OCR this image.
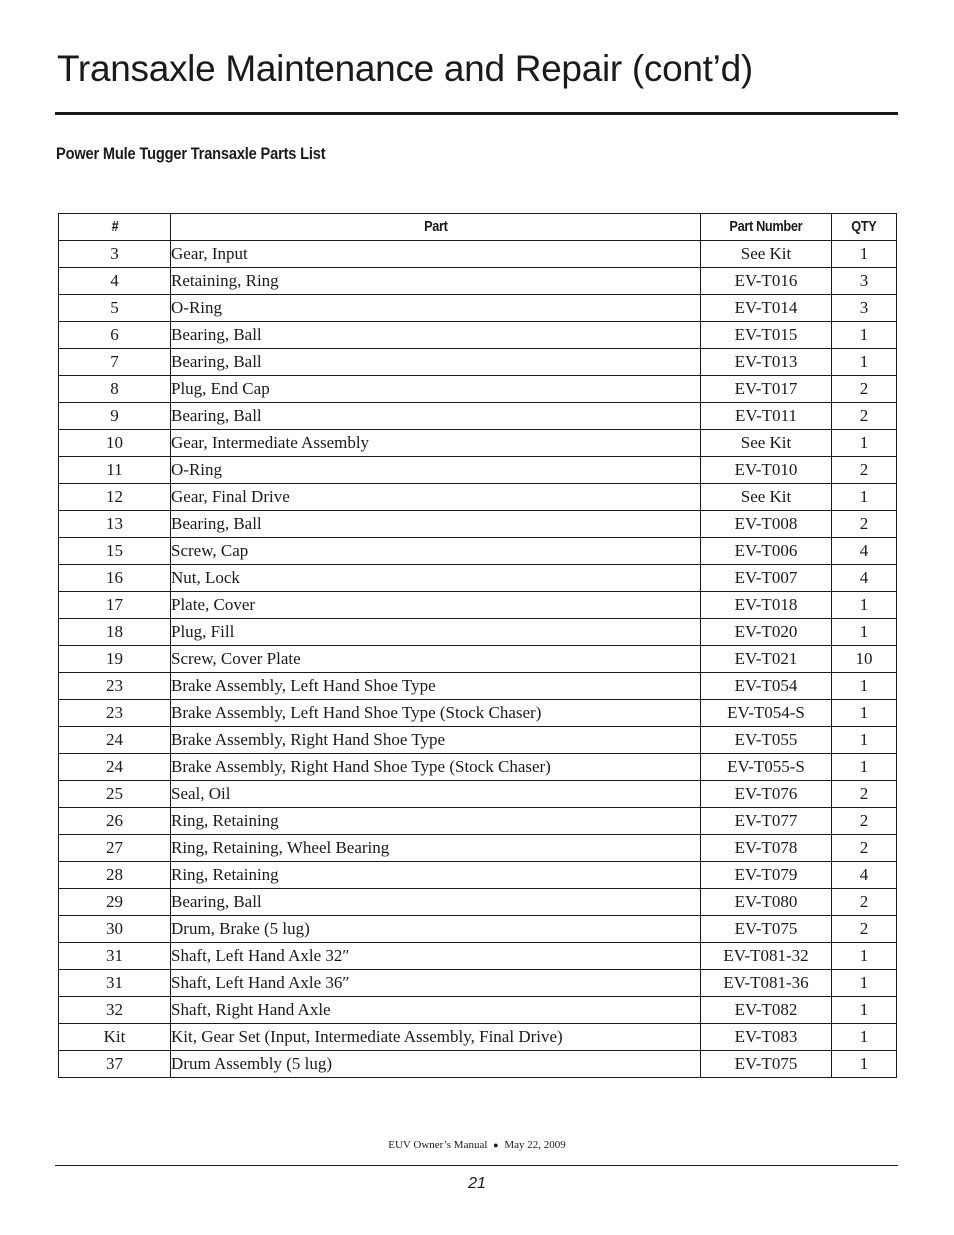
Transaxle Maintenance and Repair (cont’d)
Power Mule Tugger Transaxle Parts List
#	Part	Part Number	QTY
3	Gear, Input	See Kit	1
4	Retaining, Ring	EV-T016	3
5	O-Ring	EV-T014	3
6	Bearing, Ball	EV-T015	1
7	Bearing, Ball	EV-T013	1
8	Plug, End Cap	EV-T017	2
9	Bearing, Ball	EV-T011	2
10	Gear, Intermediate Assembly	See Kit	1
11	O-Ring	EV-T010	2
12	Gear, Final Drive	See Kit	1
13	Bearing, Ball	EV-T008	2
15	Screw, Cap	EV-T006	4
16	Nut, Lock	EV-T007	4
17	Plate, Cover	EV-T018	1
18	Plug, Fill	EV-T020	1
19	Screw, Cover Plate	EV-T021	10
23	Brake Assembly, Left Hand Shoe Type	EV-T054	1
23	Brake Assembly, Left Hand Shoe Type (Stock Chaser)	EV-T054-S	1
24	Brake Assembly, Right Hand Shoe Type	EV-T055	1
24	Brake Assembly, Right Hand Shoe Type (Stock Chaser)	EV-T055-S	1
25	Seal, Oil	EV-T076	2
26	Ring, Retaining	EV-T077	2
27	Ring, Retaining, Wheel Bearing	EV-T078	2
28	Ring, Retaining	EV-T079	4
29	Bearing, Ball	EV-T080	2
30	Drum, Brake (5 lug)	EV-T075	2
31	Shaft, Left Hand Axle 32″	EV-T081-32	1
31	Shaft, Left Hand Axle 36″	EV-T081-36	1
32	Shaft, Right Hand Axle	EV-T082	1
Kit	Kit, Gear Set (Input, Intermediate Assembly, Final Drive)	EV-T083	1
37	Drum Assembly (5 lug)	EV-T075	1
EUV Owner’s Manual ● May 22, 2009
21
